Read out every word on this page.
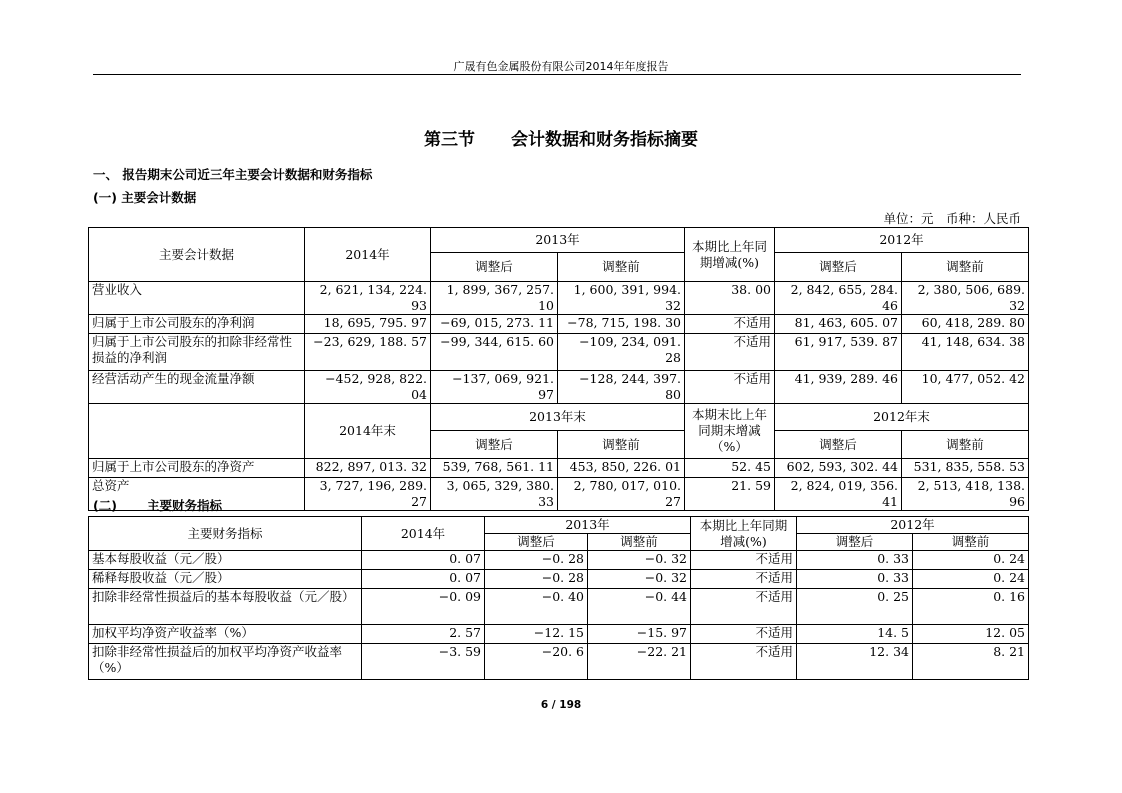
广晟有色金属股份有限公司2014年年度报告
第三节 会计数据和财务指标摘要
一、 报告期末公司近三年主要会计数据和财务指标
(一) 主要会计数据
单位：元　币种：人民币
主要会计数据	2014年	2013年		本期比上年同期增减(%)	2012年	
		调整后	调整前		调整后	调整前
营业收入	2, 621, 134, 224. 93	1, 899, 367, 257. 10	1, 600, 391, 994. 32	38. 00	2, 842, 655, 284. 46	2, 380, 506, 689. 32
归属于上市公司股东的净利润	18, 695, 795. 97	−69, 015, 273. 11	−78, 715, 198. 30	不适用	81, 463, 605. 07	60, 418, 289. 80
归属于上市公司股东的扣除非经常性损益的净利润	−23, 629, 188. 57	−99, 344, 615. 60	−109, 234, 091. 28	不适用	61, 917, 539. 87	41, 148, 634. 38
经营活动产生的现金流量净额	−452, 928, 822. 04	−137, 069, 921. 97	−128, 244, 397. 80	不适用	41, 939, 289. 46	10, 477, 052. 42
	2014年末	2013年末		本期末比上年同期末增减（%）	2012年末	
		调整后	调整前		调整后	调整前
归属于上市公司股东的净资产	822, 897, 013. 32	539, 768, 561. 11	453, 850, 226. 01	52. 45	602, 593, 302. 44	531, 835, 558. 53
总资产	3, 727, 196, 289. 27	3, 065, 329, 380. 33	2, 780, 017, 010. 27	21. 59	2, 824, 019, 356. 41	2, 513, 418, 138. 96
(二) 主要财务指标
主要财务指标	2014年	2013年		本期比上年同期增减(%)	2012年	
		调整后	调整前		调整后	调整前
基本每股收益（元／股）	0. 07	−0. 28	−0. 32	不适用	0. 33	0. 24
稀释每股收益（元／股）	0. 07	−0. 28	−0. 32	不适用	0. 33	0. 24
扣除非经常性损益后的基本每股收益（元／股）	−0. 09	−0. 40	−0. 44	不适用	0. 25	0. 16
加权平均净资产收益率（%）	2. 57	−12. 15	−15. 97	不适用	14. 5	12. 05
扣除非经常性损益后的加权平均净资产收益率（%）	−3. 59	−20. 6	−22. 21	不适用	12. 34	8. 21
6 / 198
